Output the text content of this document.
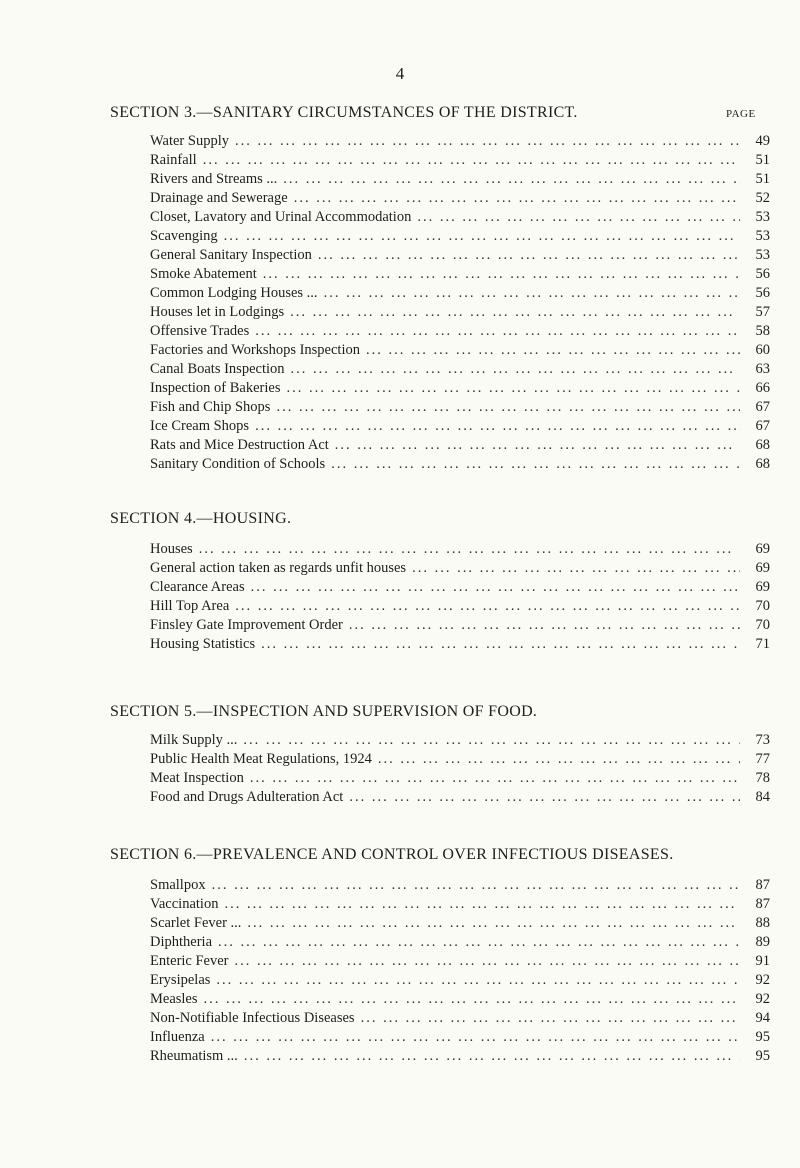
4
SECTION 3.—SANITARY CIRCUMSTANCES OF THE DISTRICT.	PAGE
Water Supply ... .	49
Rainfall ... .	51
Rivers and Streams ... ... .	51
Drainage and Sewerage ... .	52
Closet, Lavatory and Urinal Accommodation ... .	53
Scavenging ... .	53
General Sanitary Inspection ... .	53
Smoke Abatement ... .	56
Common Lodging Houses ... ... .	56
Houses let in Lodgings ... .	57
Offensive Trades ... .	58
Factories and Workshops Inspection ... .	60
Canal Boats Inspection ... .	63
Inspection of Bakeries ... .	66
Fish and Chip Shops ... .	67
Ice Cream Shops ... .	67
Rats and Mice Destruction Act ... .	68
Sanitary Condition of Schools ... .	68
SECTION 4.—HOUSING.
Houses ... .	69
General action taken as regards unfit houses ... .	69
Clearance Areas ... .	69
Hill Top Area ... .	70
Finsley Gate Improvement Order ... .	70
Housing Statistics ... .	71
SECTION 5.—INSPECTION AND SUPERVISION OF FOOD.
Milk Supply ... ... .	73
Public Health Meat Regulations, 1924 ... .	77
Meat Inspection ... .	78
Food and Drugs Adulteration Act ... .	84
SECTION 6.—PREVALENCE AND CONTROL OVER INFECTIOUS DISEASES.
Smallpox ... .	87
Vaccination ... .	87
Scarlet Fever ... ... .	88
Diphtheria ... .	89
Enteric Fever ... .	91
Erysipelas ... .	92
Measles ... .	92
Non-Notifiable Infectious Diseases ... .	94
Influenza ... .	95
Rheumatism ... ... .	95
